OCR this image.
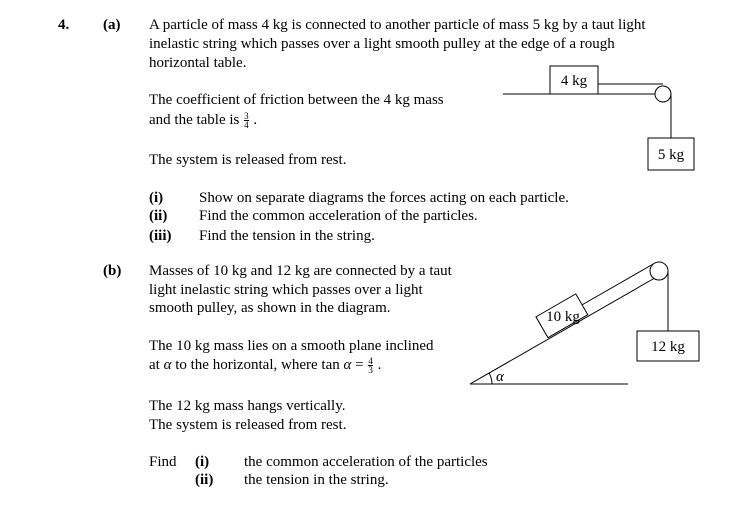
4. (a) A particle of mass 4 kg is connected to another particle of mass 5 kg by a taut light
inelastic string which passes over a light smooth pulley at the edge of a rough
horizontal table.
The coefficient of friction between the 4 kg mass
and the table is $\frac{3}{4}$ .
The system is released from rest.
(i) Show on separate diagrams the forces acting on each particle.
(ii) Find the common acceleration of the particles.
(iii) Find the tension in the string.
(b) Masses of 10 kg and 12 kg are connected by a taut
light inelastic string which passes over a light
smooth pulley, as shown in the diagram.
The 10 kg mass lies on a smooth plane inclined
at α to the horizontal, where $\tan \alpha = \frac{4}{3}$ .
The 12 kg mass hangs vertically.
The system is released from rest.
Find (i) the common acceleration of the particles
(ii) the tension in the string.
4 kg
5 kg
10 kg
12 kg
α
